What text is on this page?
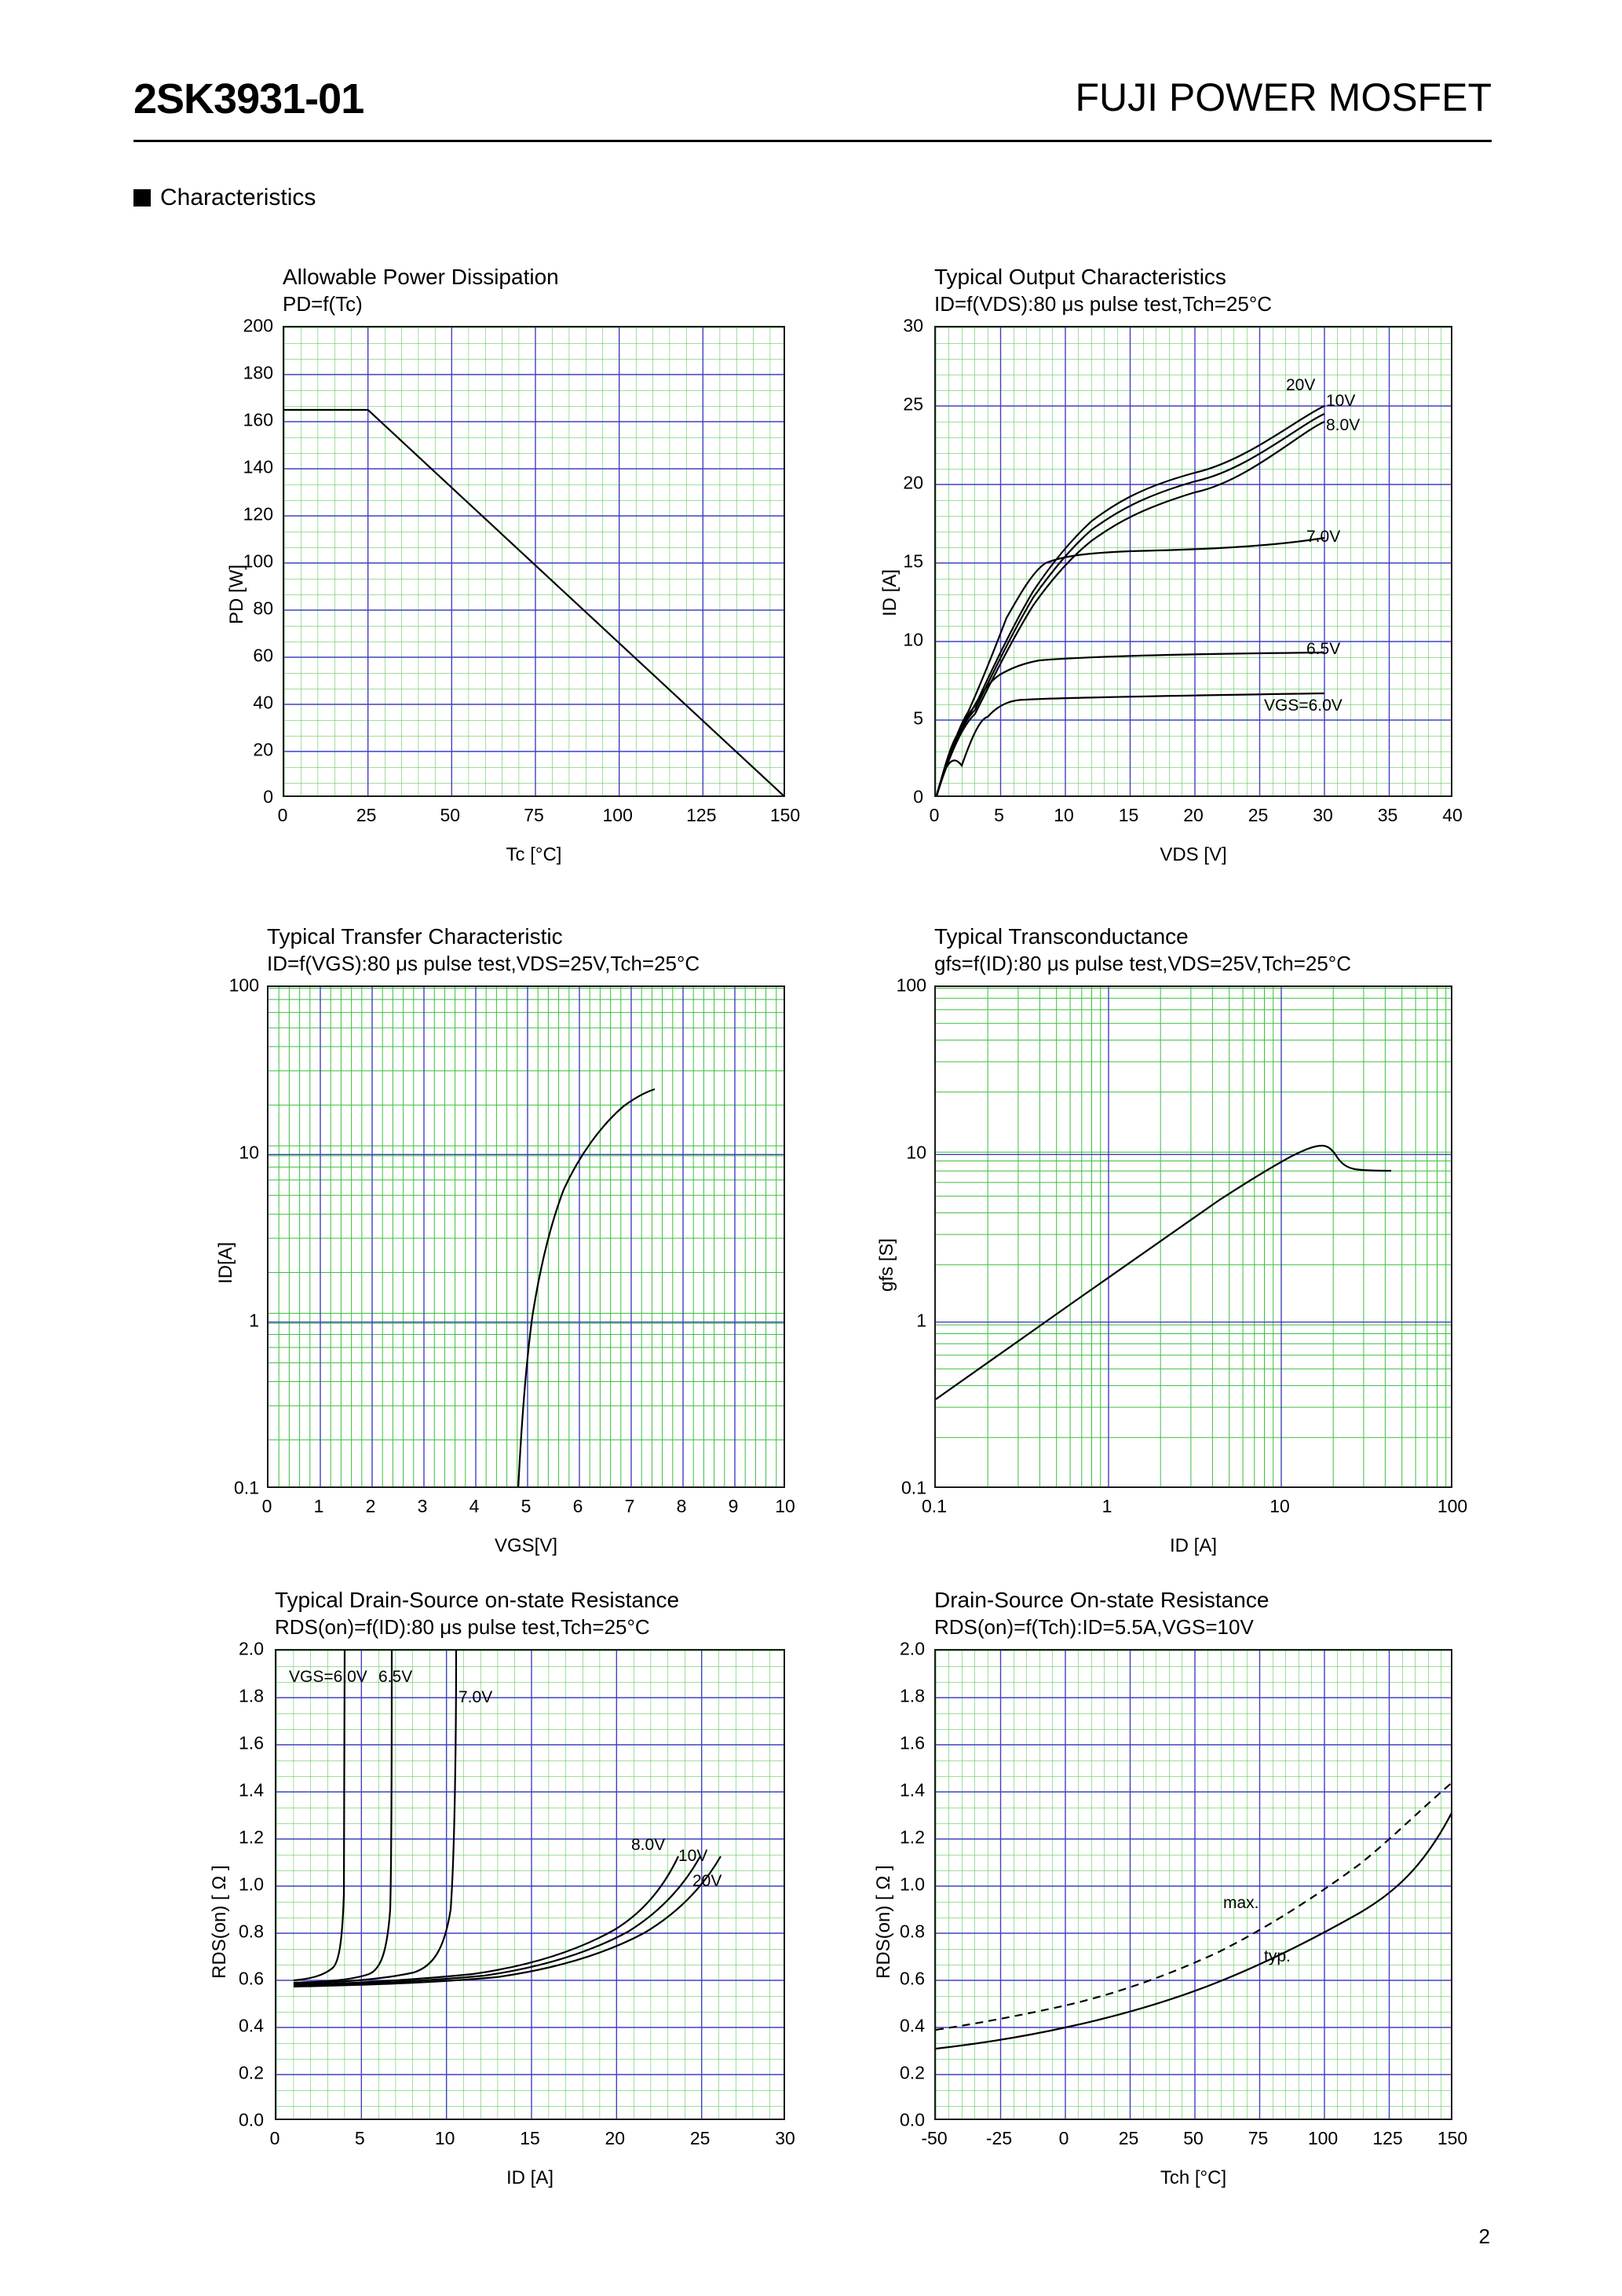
2SK3931-01	FUJI POWER MOSFET
Characteristics
Allowable Power Dissipation
PD=f(Tc)
PD [W]
Tc [°C]
0	25	50	75	100	125	150
0
20
40
60
80
100
120
140
160
180
200
Typical Output Characteristics
ID=f(VDS):80 μs pulse test,Tch=25°C
20V
10V
8.0V
7.0V
6.5V
VGS=6.0V
ID [A]
VDS [V]
0	5	10 15 20 25 30 35 40
0
5
10
15
20
25
30
Typical Transfer Characteristic
ID=f(VGS):80 μs pulse test,VDS=25V,Tch=25°C
ID[A]
VGS[V]
0 1 2 3 4 5 6 7 8 9 10
0.1
1
10
100
Typical Transconductance
gfs=f(ID):80 μs pulse test,VDS=25V,Tch=25°C
gfs [S]
ID [A]
0.1	1	10	100
0.1
1
10
100
Typical Drain-Source on-state Resistance
RDS(on)=f(ID):80 μs pulse test,Tch=25°C
VGS=6.0V 6.5V
7.0V
8.0V
10V
20V
RDS(on) [ Ω ]
ID [A]
0	5	10	15	20	25	30
0.0
0.2
0.4
0.6
0.8
1.0
1.2
1.4
1.6
1.8
2.0
Drain-Source On-state Resistance
RDS(on)=f(Tch):ID=5.5A,VGS=10V
max.
typ.
RDS(on) [ Ω ]
Tch [°C]
-50 -25	0	25 50 75 100 125 150
0.0
0.2
0.4
0.6
0.8
1.0
1.2
1.4
1.6
1.8
2.0
2
